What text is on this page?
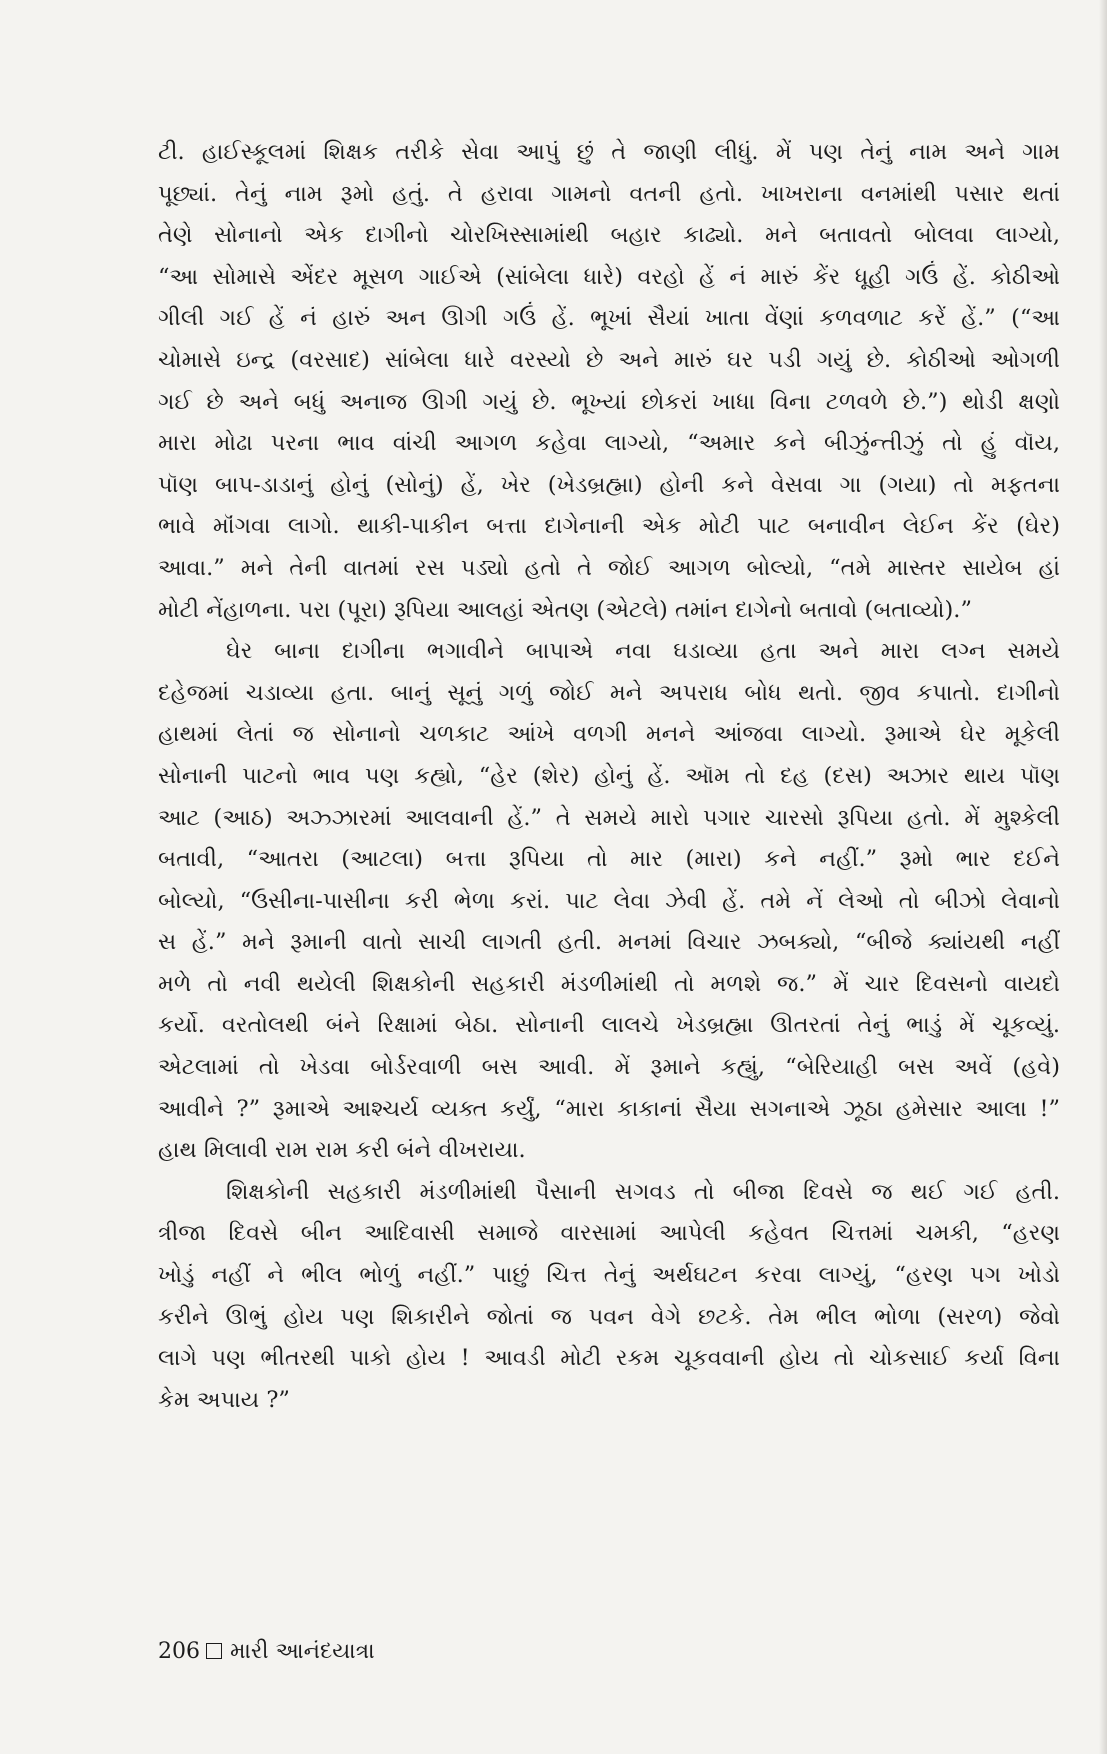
ટી. હાઈસ્કૂલમાં શિક્ષક તરીકે સેવા આપું છું તે જાણી લીધું. મેં પણ તેનું નામ અને ગામ
પૂછ્યાં. તેનું નામ રૂમો હતું. તે હરાવા ગામનો વતની હતો. ખાખરાના વનમાંથી પસાર થતાં
તેણે સોનાનો એક દાગીનો ચોરખિસ્સામાંથી બહાર કાઢ્યો. મને બતાવતો બોલવા લાગ્યો,
“આ સોમાસે એંદર મૂસળ ગાઈએ (સાંબેલા ધારે) વરહો હેં નં મારું કેંર ધૂહી ગઉં હેં. કોઠીઓ
ગીલી ગઈ હેં નં હારું અન ઊગી ગઉં હેં. ભૂખાં સૈયાં ખાતા વેંણાં કળવળાટ કરેં હેં.” (“આ
ચોમાસે ઇન્દ્ર (વરસાદ) સાંબેલા ધારે વરસ્યો છે અને મારું ઘર પડી ગયું છે. કોઠીઓ ઓગળી
ગઈ છે અને બધું અનાજ ઊગી ગયું છે. ભૂખ્યાં છોકરાં ખાધા વિના ટળવળે છે.”) થોડી ક્ષણો
મારા મોઢા પરના ભાવ વાંચી આગળ કહેવા લાગ્યો, “અમાર કને બીઝુંન્તીઝું તો હું વૉય,
પૉણ બાપ-ડાડાનું હોનું (સોનું) હેં, ખેર (ખેડબ્રહ્મા) હોની કને વેસવા ગા (ગયા) તો મફતના
ભાવે મૉંગવા લાગો. થાકી-પાકીન બત્તા દાગેનાની એક મોટી પાટ બનાવીન લેઈન કેંર (ઘેર)
આવા.” મને તેની વાતમાં રસ પડ્યો હતો તે જોઈ આગળ બોલ્યો, “તમે માસ્તર સાયેબ હાં
મોટી નેંહાળના. પરા (પૂરા) રૂપિયા આલહાં એતણ (એટલે) તમાંન દાગેનો બતાવો (બતાવ્યો).”
ઘેર બાના દાગીના ભગાવીને બાપાએ નવા ઘડાવ્યા હતા અને મારા લગ્ન સમયે
દહેજમાં ચડાવ્યા હતા. બાનું સૂનું ગળું જોઈ મને અપરાધ બોધ થતો. જીવ કપાતો. દાગીનો
હાથમાં લેતાં જ સોનાનો ચળકાટ આંખે વળગી મનને આંજવા લાગ્યો. રૂમાએ ઘેર મૂકેલી
સોનાની પાટનો ભાવ પણ કહ્યો, “હેર (શેર) હોનું હેં. ઑમ તો દહ (દસ) અઝાર થાય પૉણ
આટ (આઠ) અઝ્ઝારમાં આલવાની હેં.” તે સમયે મારો પગાર ચારસો રૂપિયા હતો. મેં મુશ્કેલી
બતાવી, “આતરા (આટલા) બત્તા રૂપિયા તો માર (મારા) કને નહીં.” રૂમો ભાર દઈને
બોલ્યો, “ઉસીના-પાસીના કરી ભેળા કરાં. પાટ લેવા ઝેવી હેં. તમે નેં લેઓ તો બીઝો લેવાનો
સ હેં.” મને રૂમાની વાતો સાચી લાગતી હતી. મનમાં વિચાર ઝબક્યો, “બીજે ક્યાંયથી નહીં
મળે તો નવી થયેલી શિક્ષકોની સહકારી મંડળીમાંથી તો મળશે જ.” મેં ચાર દિવસનો વાયદો
કર્યો. વરતોલથી બંને રિક્ષામાં બેઠા. સોનાની લાલચે ખેડબ્રહ્મા ઊતરતાં તેનું ભાડું મેં ચૂકવ્યું.
એટલામાં તો ખેડવા બોર્ડરવાળી બસ આવી. મેં રૂમાને કહ્યું, “બેરિયાહી બસ અવેં (હવે)
આવીને ?” રૂમાએ આશ્ચર્ય વ્યક્ત કર્યું, “મારા કાકાનાં સૈયા સગનાએ ઝૂઠા હમેસાર આલા !”
હાથ મિલાવી રામ રામ કરી બંને વીખરાયા.
શિક્ષકોની સહકારી મંડળીમાંથી પૈસાની સગવડ તો બીજા દિવસે જ થઈ ગઈ હતી.
ત્રીજા દિવસે બીન આદિવાસી સમાજે વારસામાં આપેલી કહેવત ચિત્તમાં ચમકી, “હરણ
ખોડું નહીં ને ભીલ ભોળું નહીં.” પાછું ચિત્ત તેનું અર્થઘટન કરવા લાગ્યું, “હરણ પગ ખોડો
કરીને ઊભું હોય પણ શિકારીને જોતાં જ પવન વેગે છટકે. તેમ ભીલ ભોળા (સરળ) જેવો
લાગે પણ ભીતરથી પાકો હોય ! આવડી મોટી રકમ ચૂકવવાની હોય તો ચોકસાઈ કર્યા વિના
કેમ અપાય ?”
206 મારી આનંદયાત્રા
